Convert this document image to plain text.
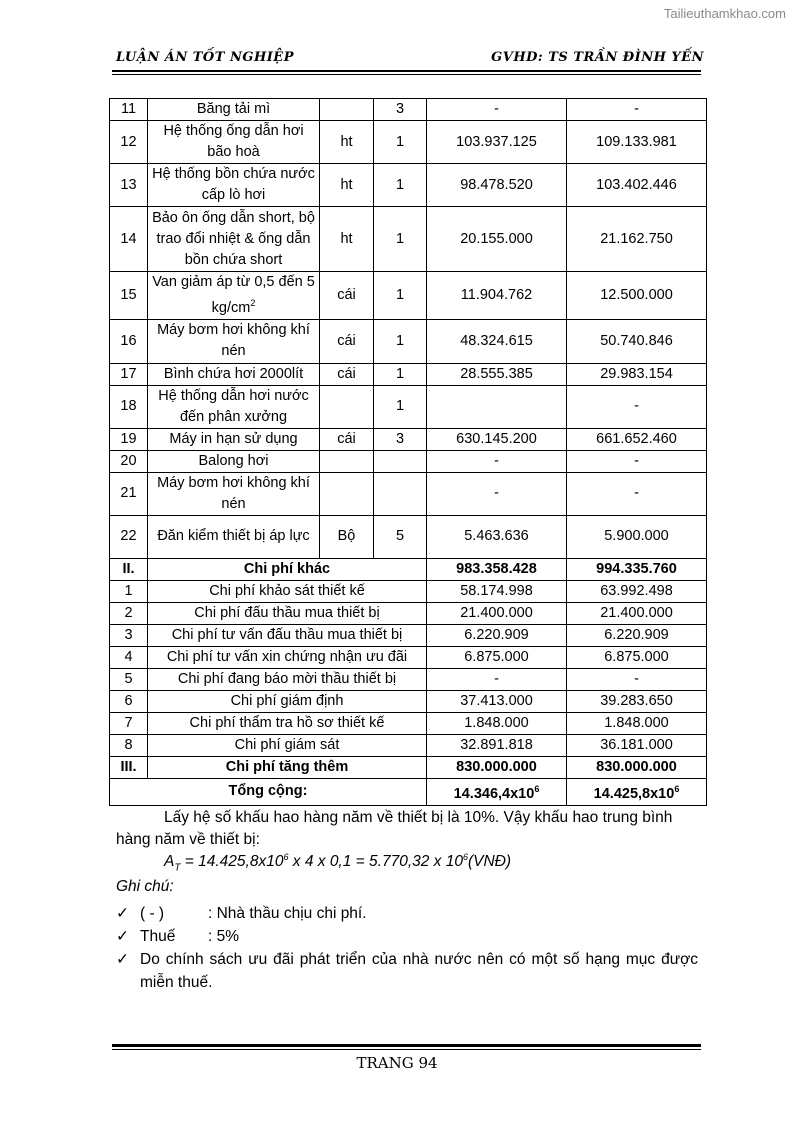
Tailieuthamkhao.com
LUẬN ÁN TỐT NGHIỆP	GVHD: TS TRẦN ĐÌNH YẾN
11	Băng tải mì		3	-	-
12	Hệ thống ống dẫn hơi bão hoà	ht	1	103.937.125	109.133.981
13	Hệ thống bồn chứa nước cấp lò hơi	ht	1	98.478.520	103.402.446
14	Bảo ôn ống dẫn short, bộ trao đổi nhiệt & ống dẫn bồn chứa short	ht	1	20.155.000	21.162.750
15	Van giảm áp từ 0,5 đến 5 $kg/cm^2$	cái	1	11.904.762	12.500.000
16	Máy bơm hơi không khí nén	cái	1	48.324.615	50.740.846
17	Bình chứa hơi 2000lít	cái	1	28.555.385	29.983.154
18	Hệ thống dẫn hơi nước đến phân xưởng		1		-
19	Máy in hạn sử dụng	cái	3	630.145.200	661.652.460
20	Balong hơi			-	-
21	Máy bơm hơi không khí nén			-	-
22	Đăn kiểm thiết bị áp lực	Bộ	5	5.463.636	5.900.000
II.	Chi phí khác			983.358.428	994.335.760
1	Chi phí khảo sát thiết kế			58.174.998	63.992.498
2	Chi phí đấu thầu mua thiết bị			21.400.000	21.400.000
3	Chi phí tư vấn đấu thầu mua thiết bị			6.220.909	6.220.909
4	Chi phí tư vấn xin chứng nhận ưu đãi			6.875.000	6.875.000
5	Chi phí đang báo mời thầu thiết bị			-	-
6	Chi phí giám định			37.413.000	39.283.650
7	Chi phí thẩm tra hồ sơ thiết kế			1.848.000	1.848.000
8	Chi phí giám sát			32.891.818	36.181.000
III.	Chi phí tăng thêm			830.000.000	830.000.000
Tổng cộng:				$14.346,4x10^6$	$14.425,8x10^6$
Lấy hệ số khấu hao hàng năm về thiết bị là 10%. Vậy khấu hao trung bình hàng năm về thiết bị:
$A_T = 14.425,8x10^6$ x 4 x 0,1 = 5.770,32 x $10^6(VNĐ)$
Ghi chú:
✓ ( - )	: Nhà thầu chịu chi phí.
✓ Thuế : 5%
✓ Do chính sách ưu đãi phát triển của nhà nước nên có một số hạng mục được miễn thuế.
TRANG 94
